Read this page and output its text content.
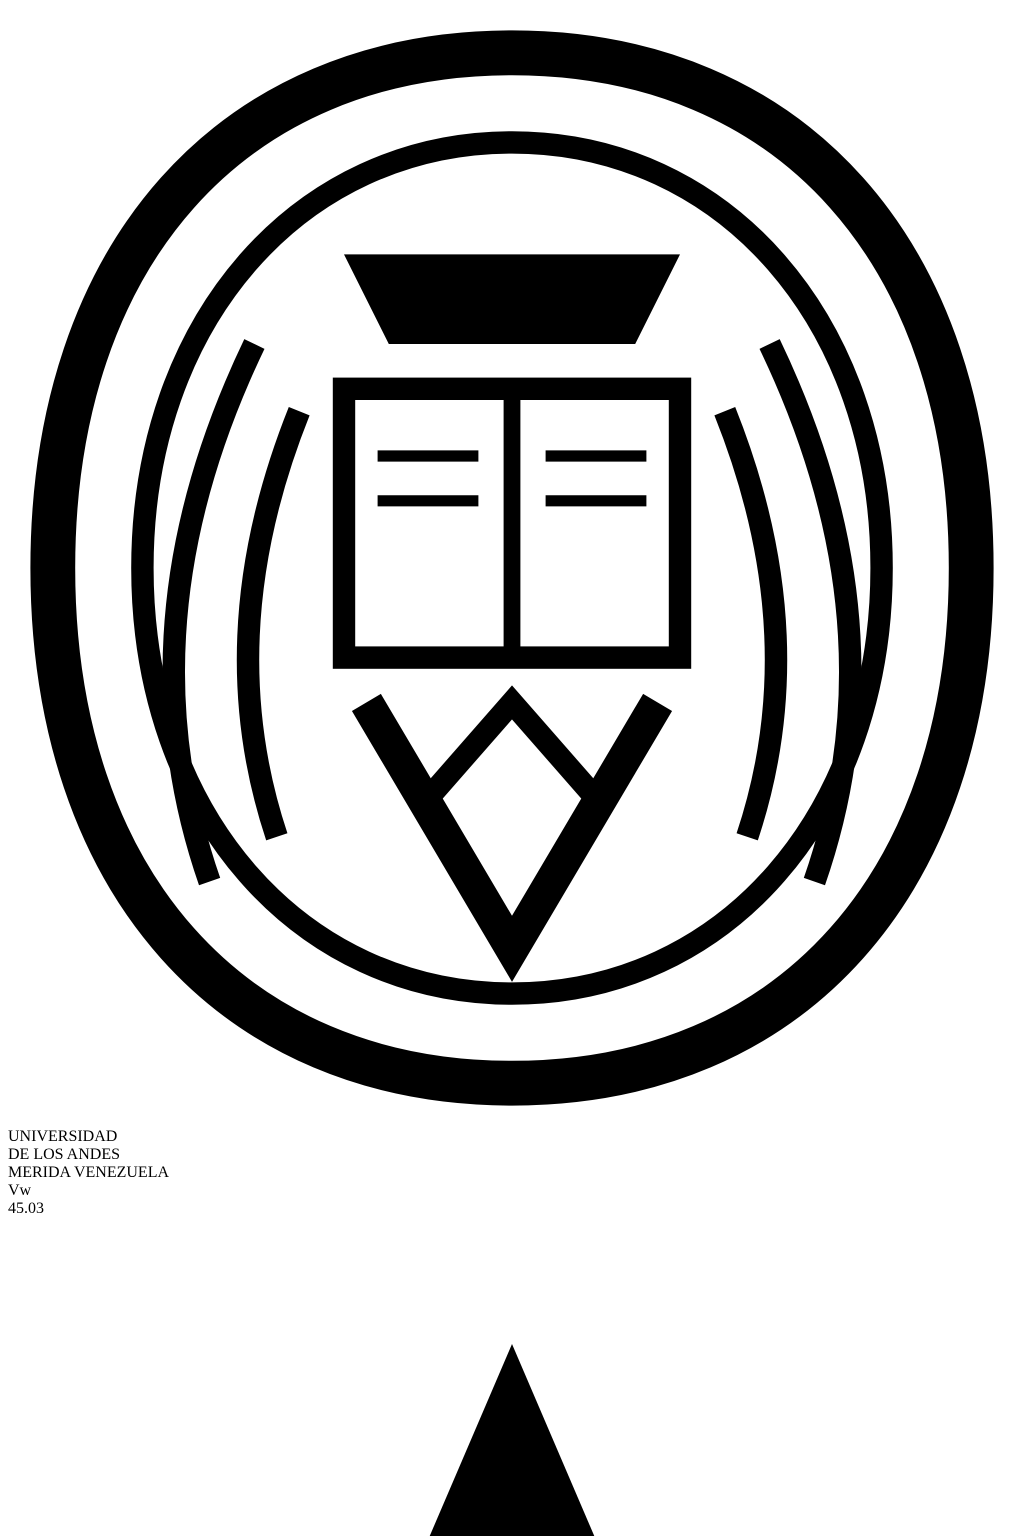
UNIVERSIDAD
DE LOS ANDES
MERIDA VENEZUELA
Vw
45.03
